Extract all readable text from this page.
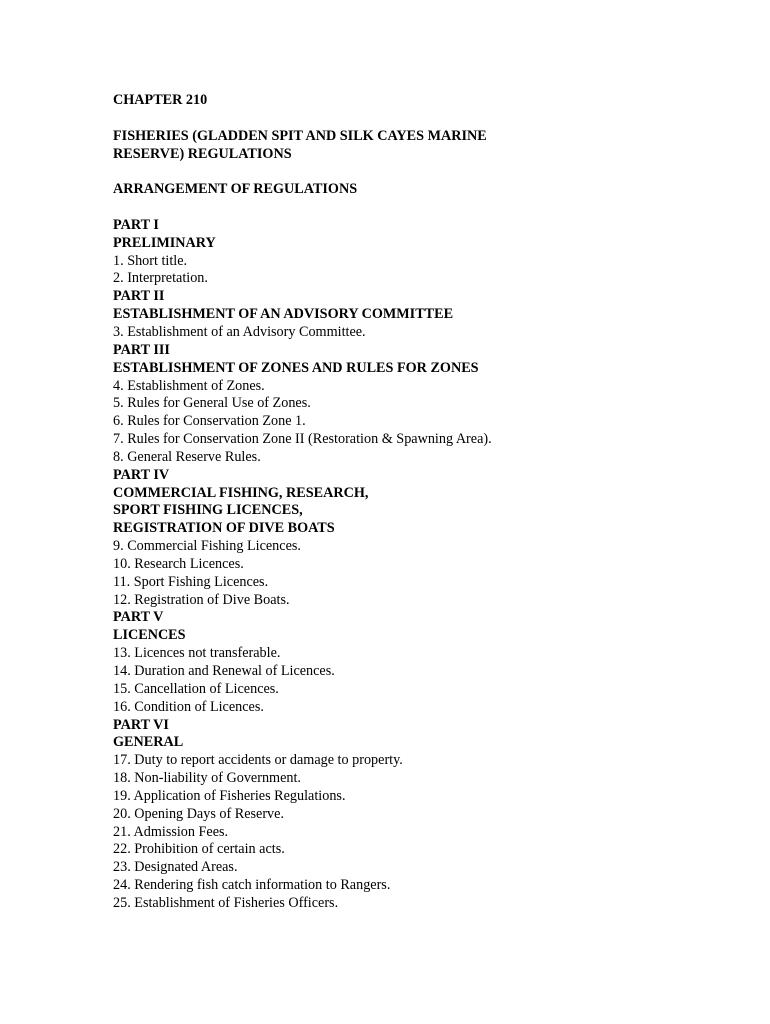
CHAPTER 210
FISHERIES (GLADDEN SPIT AND SILK CAYES MARINE
RESERVE) REGULATIONS
ARRANGEMENT OF REGULATIONS
PART I
PRELIMINARY
1. Short title.
2. Interpretation.
PART II
ESTABLISHMENT OF AN ADVISORY COMMITTEE
3. Establishment of an Advisory Committee.
PART III
ESTABLISHMENT OF ZONES AND RULES FOR ZONES
4. Establishment of Zones.
5. Rules for General Use of Zones.
6. Rules for Conservation Zone 1.
7. Rules for Conservation Zone II (Restoration & Spawning Area).
8. General Reserve Rules.
PART IV
COMMERCIAL FISHING, RESEARCH,
SPORT FISHING LICENCES,
REGISTRATION OF DIVE BOATS
9. Commercial Fishing Licences.
10. Research Licences.
11. Sport Fishing Licences.
12. Registration of Dive Boats.
PART V
LICENCES
13. Licences not transferable.
14. Duration and Renewal of Licences.
15. Cancellation of Licences.
16. Condition of Licences.
PART VI
GENERAL
17. Duty to report accidents or damage to property.
18. Non-liability of Government.
19. Application of Fisheries Regulations.
20. Opening Days of Reserve.
21. Admission Fees.
22. Prohibition of certain acts.
23. Designated Areas.
24. Rendering fish catch information to Rangers.
25. Establishment of Fisheries Officers.
